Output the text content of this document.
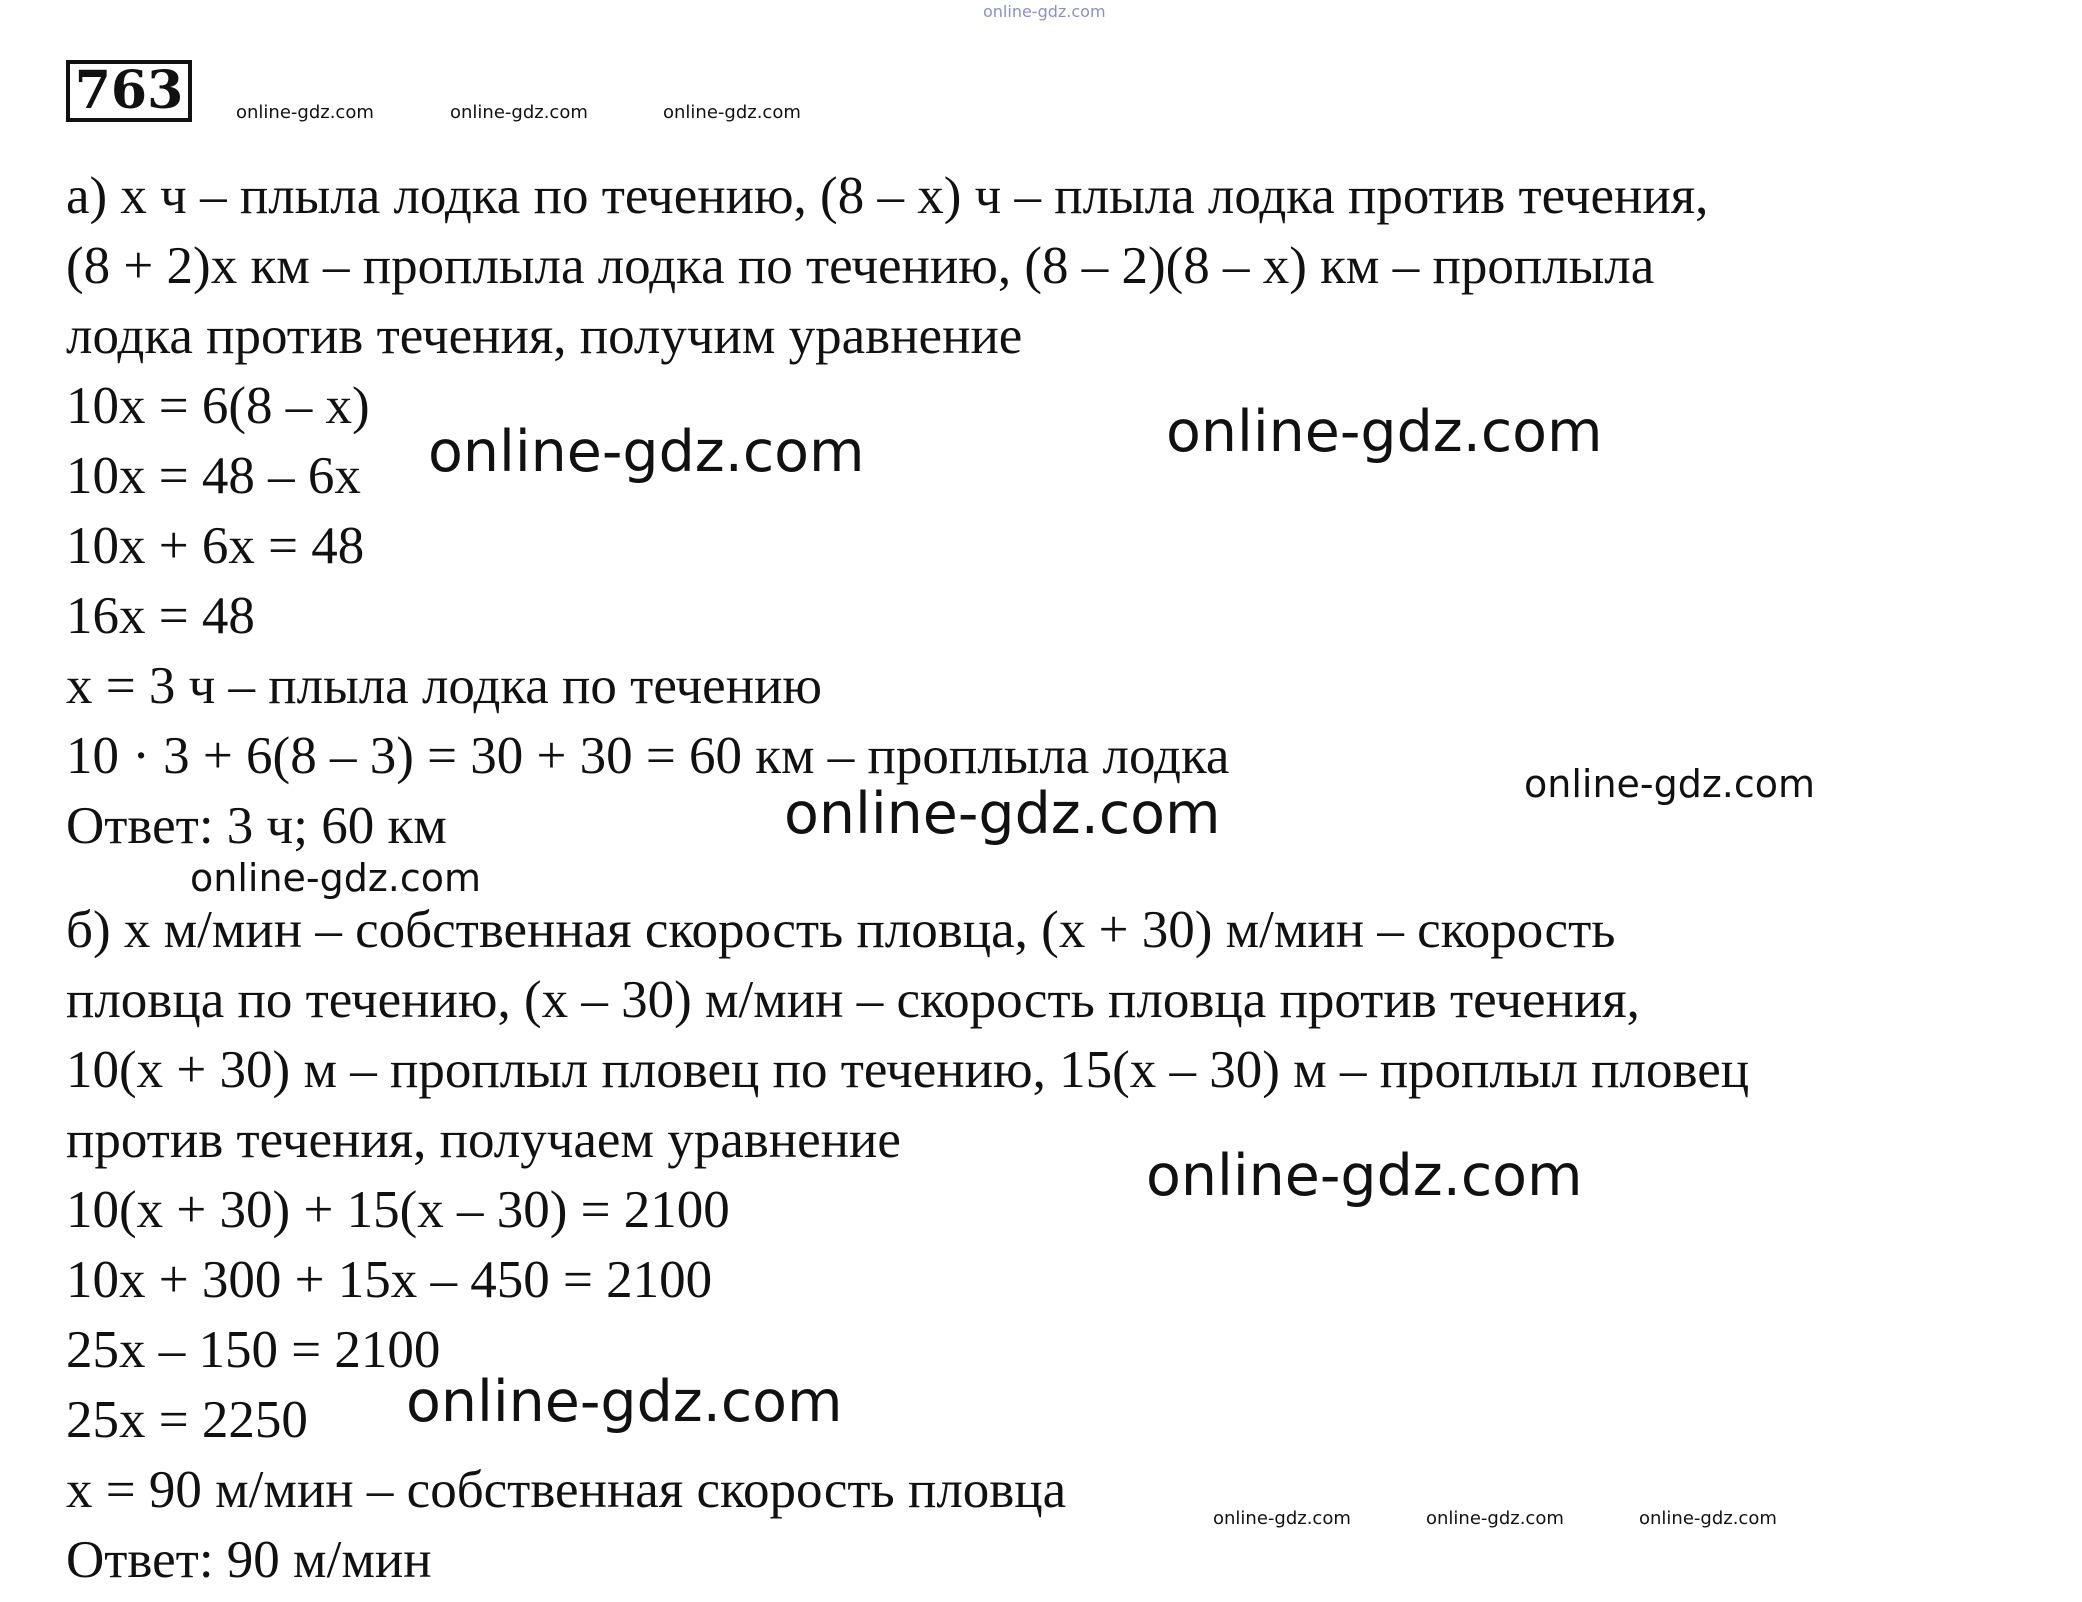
online-gdz.com
763	online-gdz.com	online-gdz.com	online-gdz.com
а) х ч – плыла лодка по течению, (8 – х) ч – плыла лодка против течения,
(8 + 2)х км – проплыла лодка по течению, (8 – 2)(8 – х) км – проплыла
лодка против течения, получим уравнение
10х = 6(8 – х)
10х = 48 – 6х
10х + 6х = 48
16х = 48
х = 3 ч – плыла лодка по течению
10 · 3 + 6(8 – 3) = 30 + 30 = 60 км – проплыла лодка
Ответ: 3 ч; 60 км
б) х м/мин – собственная скорость пловца, (х + 30) м/мин – скорость
пловца по течению, (х – 30) м/мин – скорость пловца против течения,
10(х + 30) м – проплыл пловец по течению, 15(х – 30) м – проплыл пловец
против течения, получаем уравнение
10(х + 30) + 15(х – 30) = 2100
10х + 300 + 15х – 450 = 2100
25х – 150 = 2100
25х = 2250
х = 90 м/мин – собственная скорость пловца
Ответ: 90 м/мин
online-gdz.com	online-gdz.com
online-gdz.com
online-gdz.com
online-gdz.com
online-gdz.com
online-gdz.com
online-gdz.com	online-gdz.com	online-gdz.com
